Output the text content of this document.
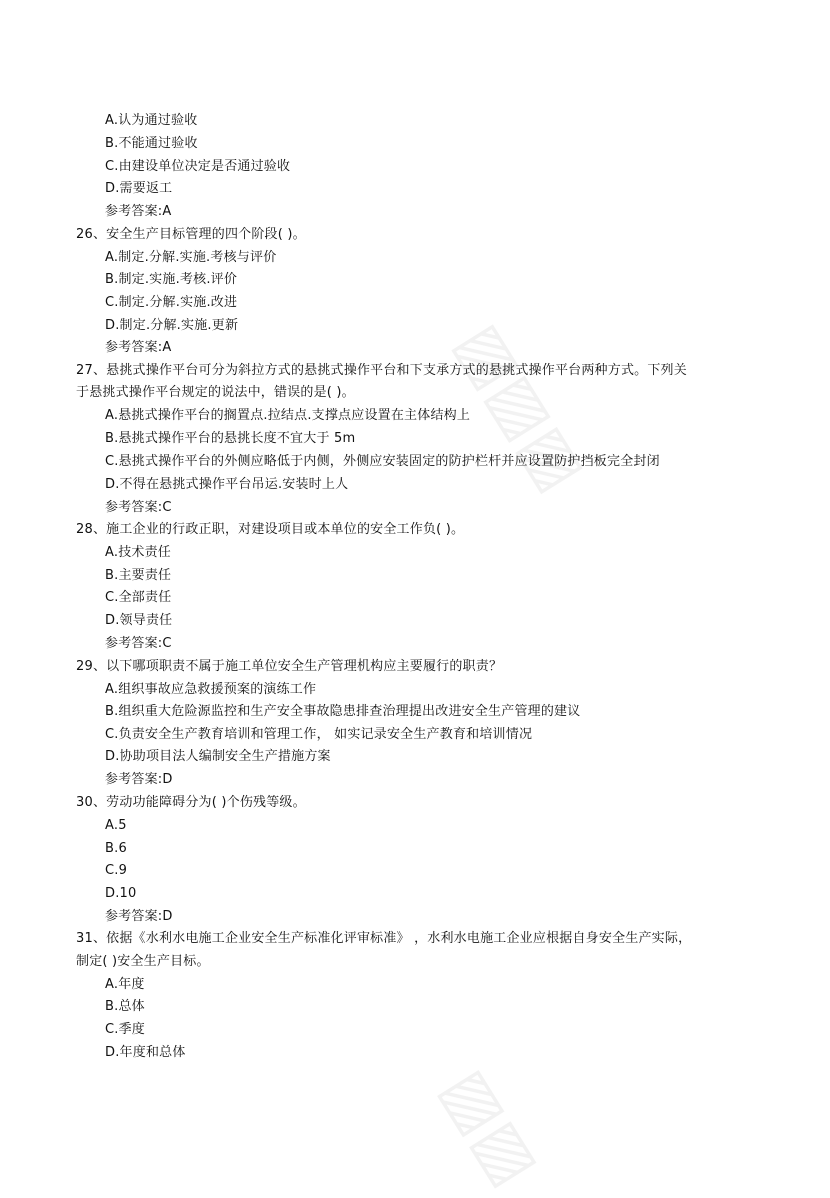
▨▨▨
▨▨
A.认为通过验收
B.不能通过验收
C.由建设单位决定是否通过验收
D.需要返工
参考答案:A
26、安全生产目标管理的四个阶段( )。
A.制定.分解.实施.考核与评价
B.制定.实施.考核.评价
C.制定.分解.实施.改进
D.制定.分解.实施.更新
参考答案:A
27、悬挑式操作平台可分为斜拉方式的悬挑式操作平台和下支承方式的悬挑式操作平台两种方式。下列关
于悬挑式操作平台规定的说法中，错误的是( )。
A.悬挑式操作平台的搁置点.拉结点.支撑点应设置在主体结构上
B.悬挑式操作平台的悬挑长度不宜大于 5m
C.悬挑式操作平台的外侧应略低于内侧，外侧应安装固定的防护栏杆并应设置防护挡板完全封闭
D.不得在悬挑式操作平台吊运.安装时上人
参考答案:C
28、施工企业的行政正职，对建设项目或本单位的安全工作负( )。
A.技术责任
B.主要责任
C.全部责任
D.领导责任
参考答案:C
29、以下哪项职责不属于施工单位安全生产管理机构应主要履行的职责？
A.组织事故应急救援预案的演练工作
B.组织重大危险源监控和生产安全事故隐患排查治理提出改进安全生产管理的建议
C.负责安全生产教育培训和管理工作， 如实记录安全生产教育和培训情况
D.协助项目法人编制安全生产措施方案
参考答案:D
30、劳动功能障碍分为( )个伤残等级。
A.5
B.6
C.9
D.10
参考答案:D
31、依据《水利水电施工企业安全生产标准化评审标准》 ，水利水电施工企业应根据自身安全生产实际，
制定( )安全生产目标。
A.年度
B.总体
C.季度
D.年度和总体
